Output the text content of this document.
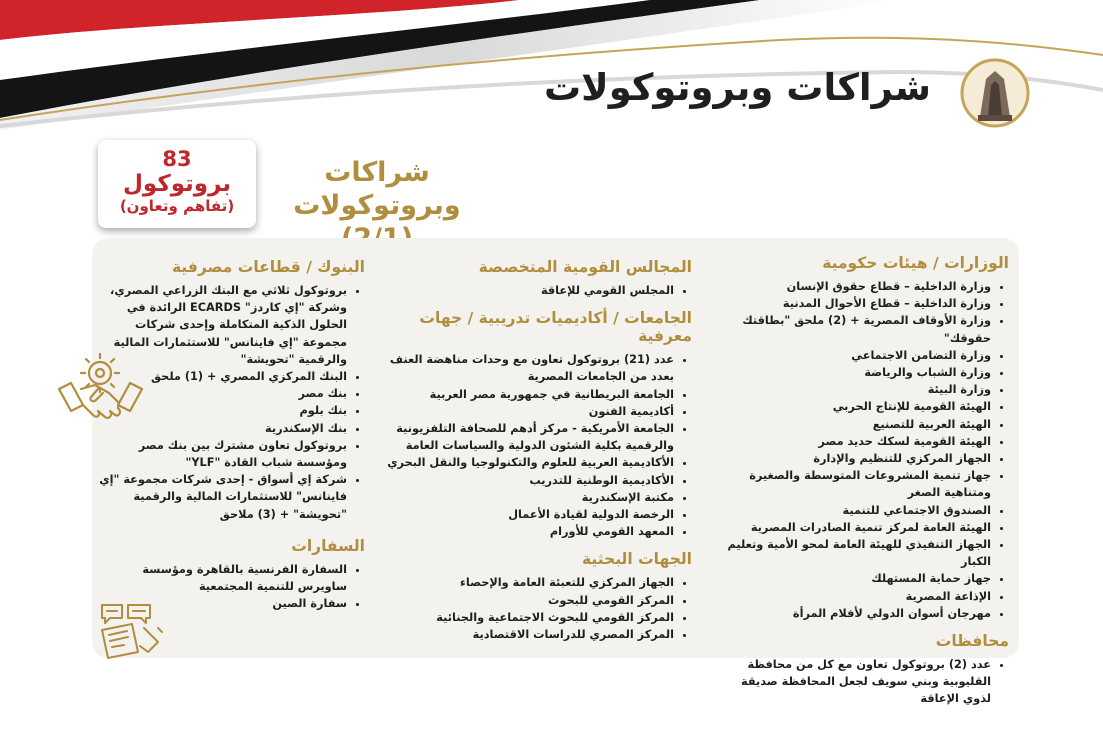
شراكات وبروتوكولات
83
بروتوكول
(تفاهم وتعاون)
شراكات
وبروتوكولات
الوزارات / هيئات حكومية
• وزارة الداخلية – قطاع حقوق الإنسان
• وزارة الداخلية – قطاع الأحوال المدنية
• وزارة الأوقاف المصرية + (2) ملحق "بطاقتك حقوقك"
• وزارة التضامن الاجتماعي
• وزارة الشباب والرياضة
• وزارة البيئة
• الهيئة القومية للإنتاج الحربي
• الهيئة العربية للتصنيع
• الهيئة القومية لسكك حديد مصر
• الجهاز المركزي للتنظيم والإدارة
• جهاز تنمية المشروعات المتوسطة والصغيرة ومتناهية الصغر
• الصندوق الاجتماعي للتنمية
• الهيئة العامة لمركز تنمية الصادرات المصرية
• الجهاز التنفيذي للهيئة العامة لمحو الأمية وتعليم الكبار
• جهاز حماية المستهلك
• الإذاعة المصرية
• مهرجان أسوان الدولي لأفلام المرأة
محافظات
• عدد (2) بروتوكول تعاون مع كل من محافظة القليوبية وبني سويف لجعل المحافظة صديقة لذوي الإعاقة
المجالس القومية المتخصصة
• المجلس القومي للإعاقة
الجامعات / أكاديميات تدريبية / جهات معرفية
• عدد (21) بروتوكول تعاون مع وحدات مناهضة العنف بعدد من الجامعات المصرية
• الجامعة البريطانية في جمهورية مصر العربية
• أكاديمية الفنون
• الجامعة الأمريكية - مركز أدهم للصحافة التلفزيونية والرقمية بكلية الشئون الدولية والسياسات العامة
• الأكاديمية العربية للعلوم والتكنولوجيا والنقل البحري
• الأكاديمية الوطنية للتدريب
• مكتبة الإسكندرية
• الرخصة الدولية لقيادة الأعمال
• المعهد القومي للأورام
الجهات البحثية
• الجهاز المركزي للتعبئة العامة والإحصاء
• المركز القومي للبحوث
• المركز القومي للبحوث الاجتماعية والجنائية
• المركز المصري للدراسات الاقتصادية
البنوك / قطاعات مصرفية
• بروتوكول ثلاثي مع البنك الزراعي المصري، وشركة "إي كاردز" ECARDS الرائدة في الحلول الذكية المتكاملة وإحدى شركات مجموعة "إي فاينانس" للاستثمارات المالية والرقمية "تحويشة"
• البنك المركزي المصري + (1) ملحق
• بنك مصر
• بنك بلوم
• بنك الإسكندرية
• بروتوكول تعاون مشترك بين بنك مصر ومؤسسة شباب القادة "YLF"
• شركة إي أسواق - إحدى شركات مجموعة "إي فاينانس" للاستثمارات المالية والرقمية "تحويشة" + (3) ملاحق
السفارات
• السفارة الفرنسية بالقاهرة ومؤسسة ساويرس للتنمية المجتمعية
• سفارة الصين
